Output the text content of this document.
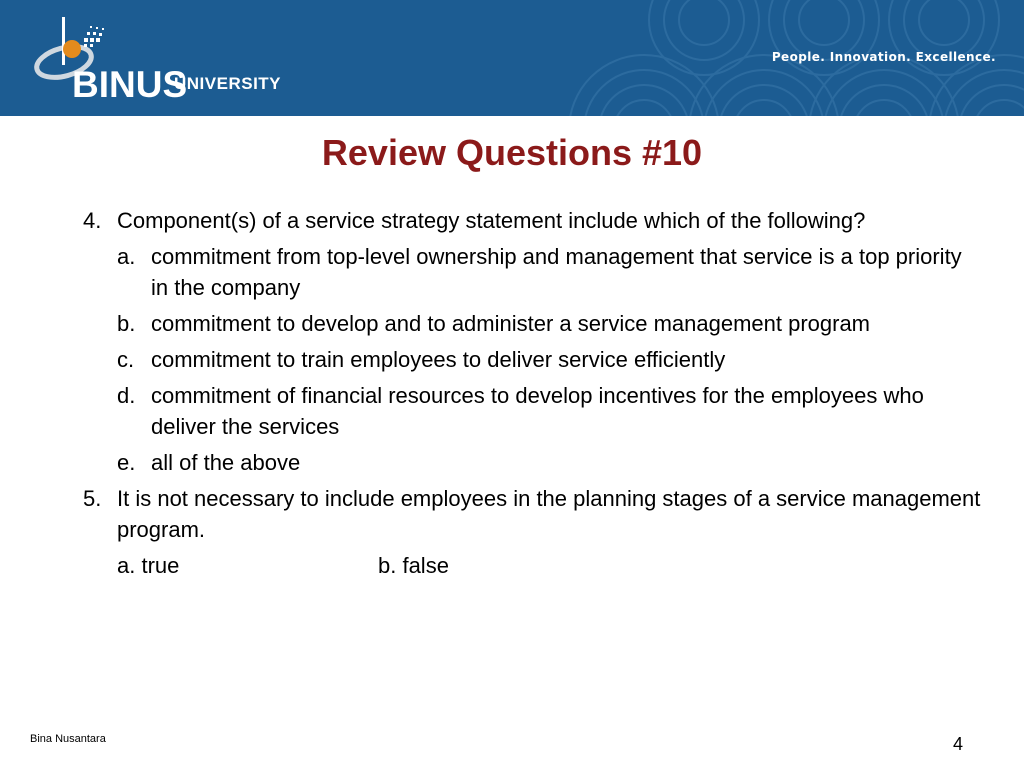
BINUS
UNIVERSITY
People. Innovation. Excellence.
Review Questions #10
4. Component(s) of a service strategy statement include which of the following?
a. commitment from top-level ownership and management that service is a top priority in the company
b. commitment to develop and to administer a service management program
c. commitment to train employees to deliver service efficiently
d. commitment of financial resources to develop incentives for the employees who deliver the services
e. all of the above
5. It is not necessary to include employees in the planning stages of a service management program.
a. true	b. false
Bina Nusantara	4
